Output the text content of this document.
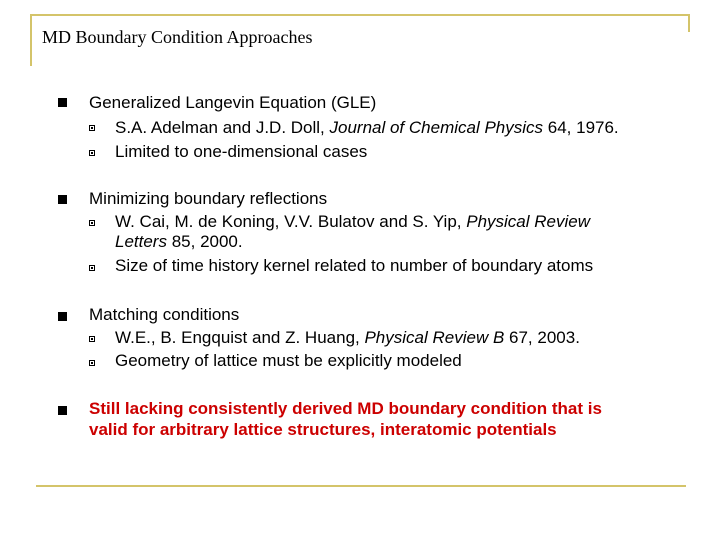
MD Boundary Condition Approaches
Generalized Langevin Equation (GLE)
S.A. Adelman and J.D. Doll, Journal of Chemical Physics 64, 1976.
Limited to one-dimensional cases
Minimizing boundary reflections
W. Cai, M. de Koning, V.V. Bulatov and S. Yip, Physical Review Letters 85, 2000.
Size of time history kernel related to number of boundary atoms
Matching conditions
W.E., B. Engquist and Z. Huang, Physical Review B 67, 2003.
Geometry of lattice must be explicitly modeled
Still lacking consistently derived MD boundary condition that is
valid for arbitrary lattice structures, interatomic potentials
